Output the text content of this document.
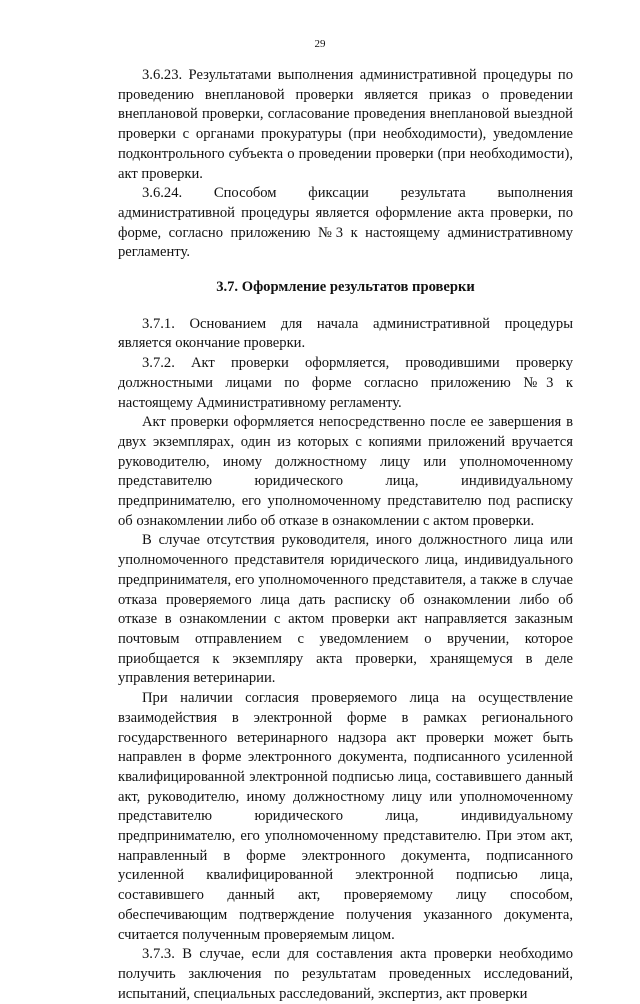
29

3.6.23. Результатами выполнения административной процедуры по проведению внеплановой проверки является приказ о проведении внеплановой проверки, согласование проведения внеплановой выездной проверки с органами прокуратуры (при необходимости), уведомление подконтрольного субъекта о проведении проверки (при необходимости), акт проверки.

3.6.24. Способом фиксации результата выполнения административной процедуры является оформление акта проверки, по форме, согласно приложению №3 к настоящему административному регламенту.

3.7. Оформление результатов проверки

3.7.1. Основанием для начала административной процедуры является окончание проверки.

3.7.2. Акт проверки оформляется, проводившими проверку должностными лицами по форме согласно приложению №3 к настоящему Административному регламенту.

Акт проверки оформляется непосредственно после ее завершения в двух экземплярах, один из которых с копиями приложений вручается руководителю, иному должностному лицу или уполномоченному представителю юридического лица, индивидуальному предпринимателю, его уполномоченному представителю под расписку об ознакомлении либо об отказе в ознакомлении с актом проверки.

В случае отсутствия руководителя, иного должностного лица или уполномоченного представителя юридического лица, индивидуального предпринимателя, его уполномоченного представителя, а также в случае отказа проверяемого лица дать расписку об ознакомлении либо об отказе в ознакомлении с актом проверки акт направляется заказным почтовым отправлением с уведомлением о вручении, которое приобщается к экземпляру акта проверки, хранящемуся в деле управления ветеринарии.

При наличии согласия проверяемого лица на осуществление взаимодействия в электронной форме в рамках регионального государственного ветеринарного надзора акт проверки может быть направлен в форме электронного документа, подписанного усиленной квалифицированной электронной подписью лица, составившего данный акт, руководителю, иному должностному лицу или уполномоченному представителю юридического лица, индивидуальному предпринимателю, его уполномоченному представителю. При этом акт, направленный в форме электронного документа, подписанного усиленной квалифицированной электронной подписью лица, составившего данный акт, проверяемому лицу способом, обеспечивающим подтверждение получения указанного документа, считается полученным проверяемым лицом.

3.7.3. В случае, если для составления акта проверки необходимо получить заключения по результатам проведенных исследований, испытаний, специальных расследований, экспертиз, акт проверки
